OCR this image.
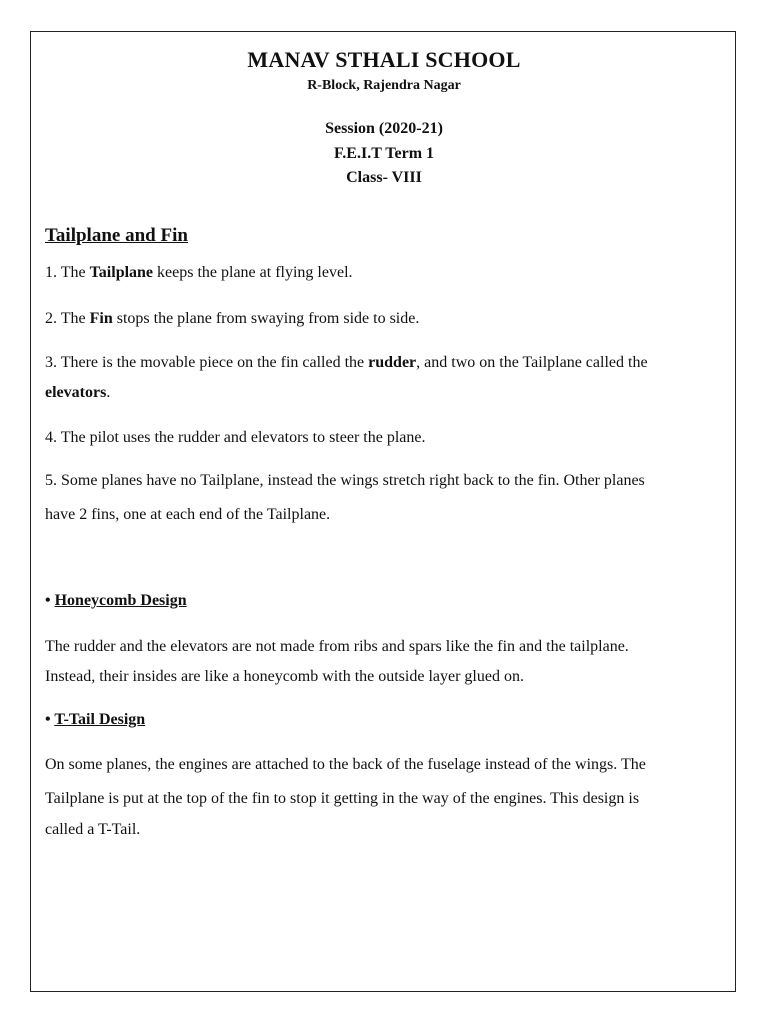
MANAV STHALI SCHOOL
R-Block, Rajendra Nagar
Session (2020-21)
F.E.I.T Term 1
Class- VIII
Tailplane and Fin
1. The Tailplane keeps the plane at flying level.
2. The Fin stops the plane from swaying from side to side.
3. There is the movable piece on the fin called the rudder, and two on the Tailplane called the
elevators.
4. The pilot uses the rudder and elevators to steer the plane.
5. Some planes have no Tailplane, instead the wings stretch right back to the fin. Other planes
have 2 fins, one at each end of the Tailplane.
• Honeycomb Design
The rudder and the elevators are not made from ribs and spars like the fin and the tailplane.
Instead, their insides are like a honeycomb with the outside layer glued on.
• T-Tail Design
On some planes, the engines are attached to the back of the fuselage instead of the wings. The
Tailplane is put at the top of the fin to stop it getting in the way of the engines. This design is
called a T-Tail.
